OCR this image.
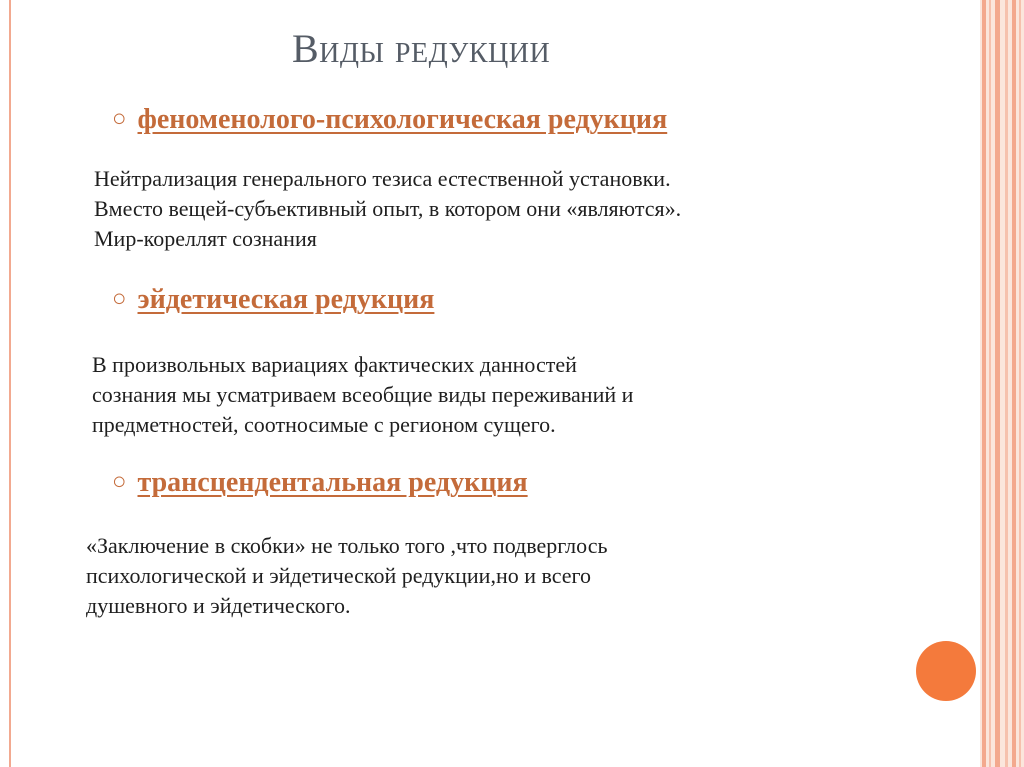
Виды редукции
○ феноменолого-психологическая редукция
Нейтрализация генерального тезиса естественной установки.
Вместо вещей-субъективный опыт, в котором они «являются».
Мир-кореллят сознания
○ эйдетическая редукция
В произвольных вариациях фактических данностей
сознания мы усматриваем всеобщие виды переживаний и
предметностей, соотносимые с регионом сущего.
○ трансцендентальная редукция
«Заключение в скобки» не только того ,что подверглось
психологической и эйдетической редукции,но и всего
душевного и эйдетического.
